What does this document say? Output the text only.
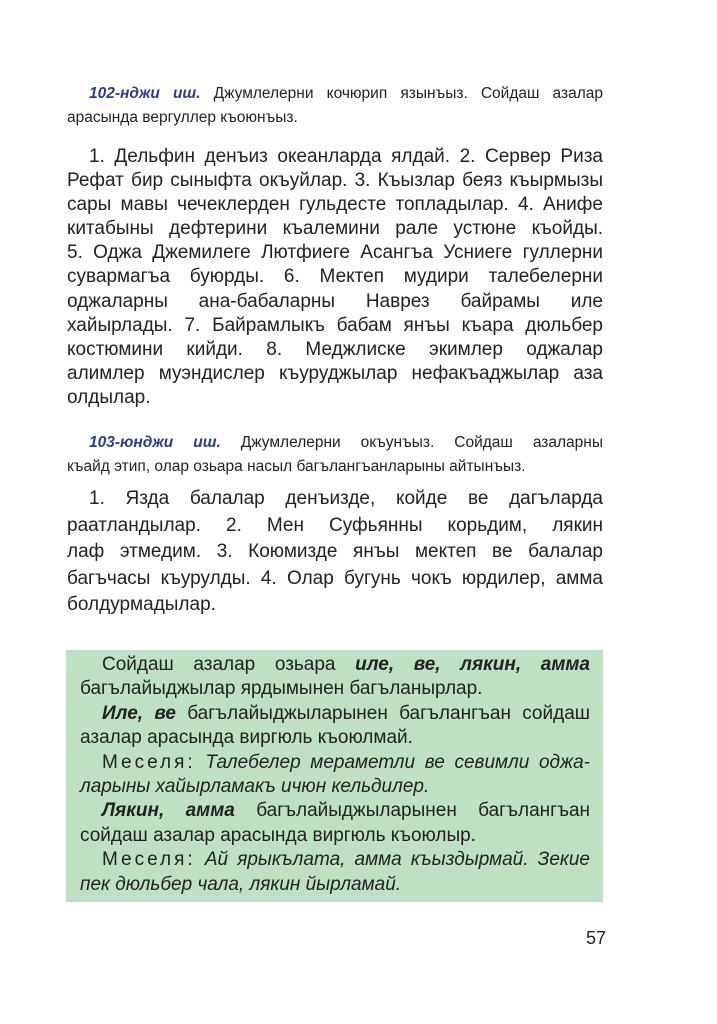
102-нджи иш. Джумлелерни кочюрип язынъыз. Сойдаш азалар
арасында вергуллер къоюнъыз.
1. Дельфин денъиз океанларда ялдай. 2. Сервер Риза
Рефат бир сыныфта окъуйлар. 3. Къызлар беяз къырмызы
сары мавы чечеклерден гульдесте топладылар. 4. Анифе
китабыны дефтерини къалемини рале устюне къойды.
5. Оджа Джемилеге Лютфиеге Асангъа Усниеге гуллерни
сувармагъа буюрды. 6. Мектеп мудири талебелерни
оджаларны ана-бабаларны Наврез байрамы иле
хайырлады. 7. Байрамлыкъ бабам янъы къара дюльбер
костюмини кийди. 8. Меджлиске экимлер оджалар
алимлер муэндислер къуруджылар нефакъаджылар аза
олдылар.
103-юнджи иш. Джумлелерни окъунъыз. Сойдаш азаларны
къайд этип, олар озьара насыл багълангъанларыны айтынъыз.
1. Язда балалар денъизде, койде ве дагъларда
раатландылар. 2. Мен Суфьянны корьдим, лякин
лаф этмедим. 3. Коюмизде янъы мектеп ве балалар
багъчасы къурулды. 4. Олар бугунь чокъ юрдилер, амма
болдурмадылар.
Сойдаш азалар озьара иле, ве, лякин, амма
багълайыджылар ярдымынен багъланырлар.
Иле, ве багълайыджыларынен багълангъан сойдаш
азалар арасында виргюль къоюлмай.
Меселя: Талебелер мераметли ве севимли оджа-
ларыны хайырламакъ ичюн кельдилер.
Лякин, амма багълайыджыларынен багълангъан
сойдаш азалар арасында виргюль къоюлыр.
Меселя: Ай ярыкълата, амма къыздырмай. Зекие
пек дюльбер чала, лякин йырламай.
57
